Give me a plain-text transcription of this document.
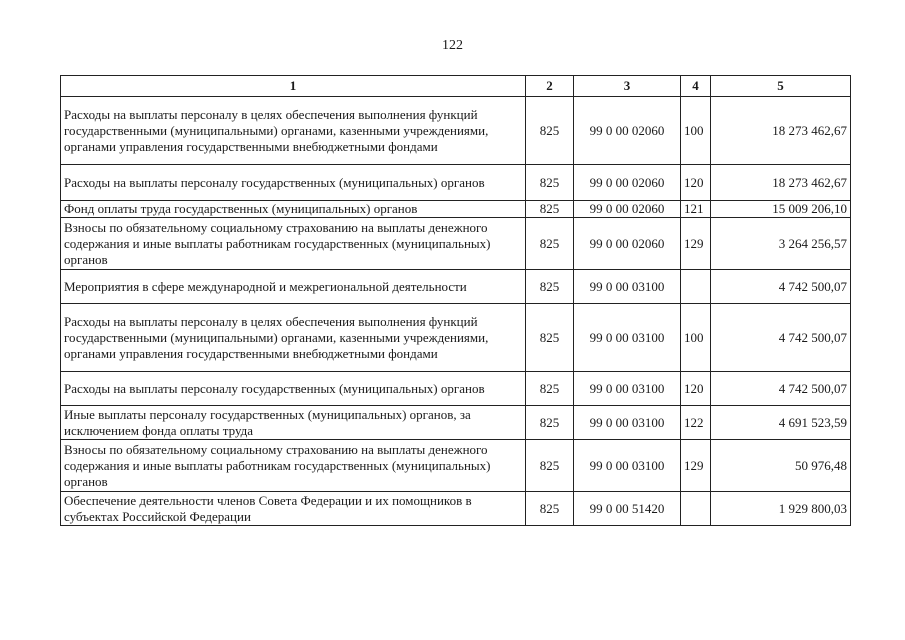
122
1	2	3	4	5
Расходы на выплаты персоналу в целях обеспечения выполнения функций государственными (муниципальными) органами, казенными учреждениями, органами управления государственными внебюджетными фондами	825	99 0 00 02060	100	18 273 462,67
Расходы на выплаты персоналу государственных (муниципальных) органов	825	99 0 00 02060	120	18 273 462,67
Фонд оплаты труда государственных (муниципальных) органов	825	99 0 00 02060	121	15 009 206,10
Взносы по обязательному социальному страхованию на выплаты денежного содержания и иные выплаты работникам государственных (муниципальных) органов	825	99 0 00 02060	129	3 264 256,57
Мероприятия в сфере международной и межрегиональной деятельности	825	99 0 00 03100		4 742 500,07
Расходы на выплаты персоналу в целях обеспечения выполнения функций государственными (муниципальными) органами, казенными учреждениями, органами управления государственными внебюджетными фондами	825	99 0 00 03100	100	4 742 500,07
Расходы на выплаты персоналу государственных (муниципальных) органов	825	99 0 00 03100	120	4 742 500,07
Иные выплаты персоналу государственных (муниципальных) органов, за исключением фонда оплаты труда	825	99 0 00 03100	122	4 691 523,59
Взносы по обязательному социальному страхованию на выплаты денежного содержания и иные выплаты работникам государственных (муниципальных) органов	825	99 0 00 03100	129	50 976,48
Обеспечение деятельности членов Совета Федерации и их помощников в субъектах Российской Федерации	825	99 0 00 51420		1 929 800,03
